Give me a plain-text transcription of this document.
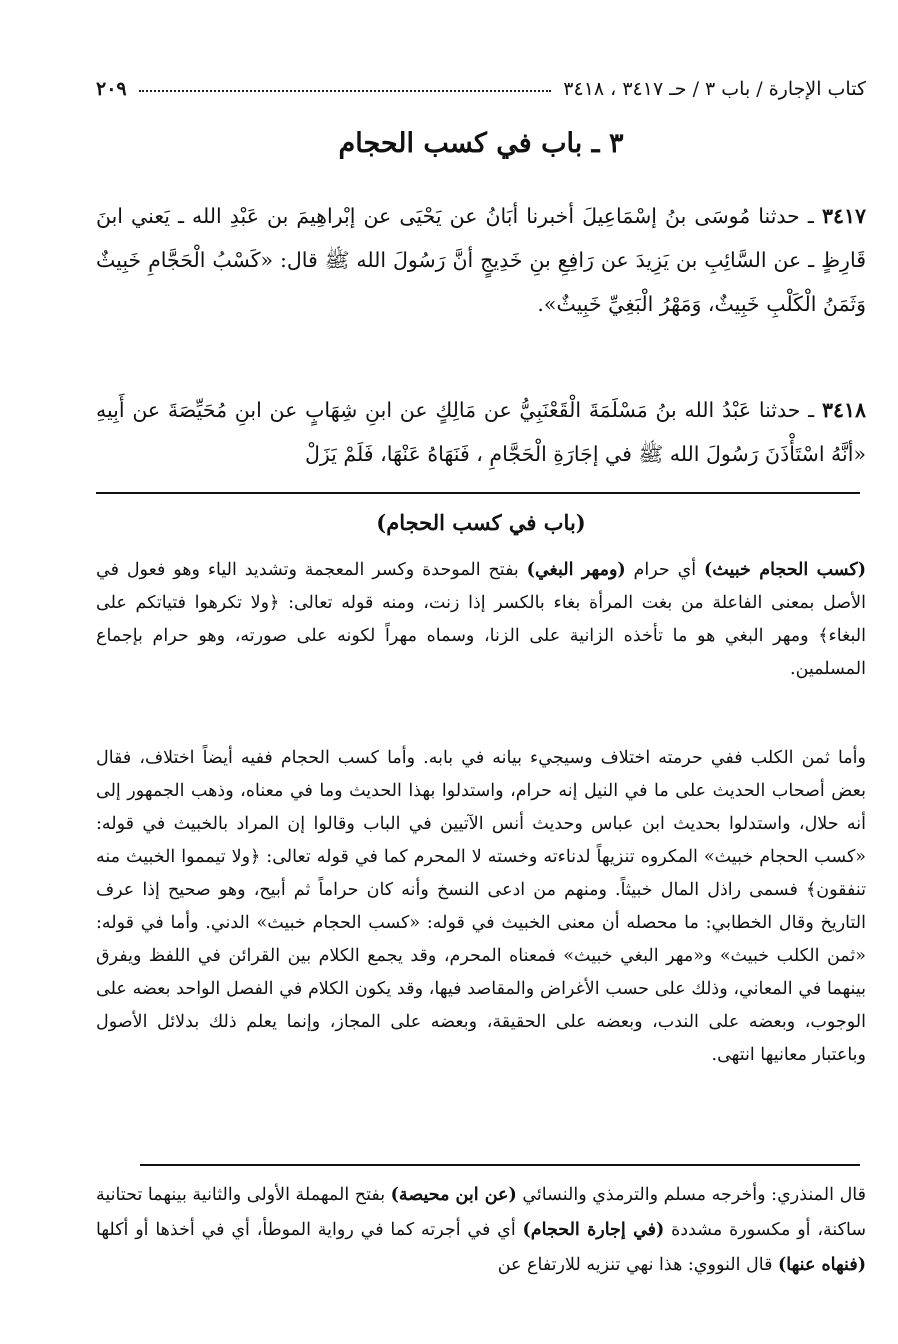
كتاب الإجارة / باب ٣ / حـ ٣٤١٧ ، ٣٤١٨
٢٠٩
٣ ـ باب في كسب الحجام
٣٤١٧ ـ حدثنا مُوسَى بنُ إسْمَاعِيلَ أخبرنا أبَانُ عن يَحْيَى عن إبْراهِيمَ بن عَبْدِ الله ـ يَعني ابنَ قَارِظٍ ـ عن السَّائِبِ بن يَزِيدَ عن رَافِعِ بنِ خَدِيجٍ أنَّ رَسُولَ الله ﷺ قال: «كَسْبُ الْحَجَّامِ خَبِيثٌ وَثَمَنُ الْكَلْبِ خَبِيثٌ، وَمَهْرُ الْبَغِيِّ خَبِيثٌ».
٣٤١٨ ـ حدثنا عَبْدُ الله بنُ مَسْلَمَةَ الْقَعْنَبِيُّ عن مَالِكٍ عن ابنِ شِهَابٍ عن ابنِ مُحَيِّصَةَ عن أَبِيهِ «أنَّهُ اسْتَأْذَنَ رَسُولَ الله ﷺ في إجَارَةِ الْحَجَّامِ ، فَنَهَاهُ عَنْهَا، فَلَمْ يَزَلْ
(باب في كسب الحجام)
(كسب الحجام خبيث) أي حرام (ومهر البغي) بفتح الموحدة وكسر المعجمة وتشديد الياء وهو فعول في الأصل بمعنى الفاعلة من بغت المرأة بغاء بالكسر إذا زنت، ومنه قوله تعالى: ﴿ولا تكرهوا فتياتكم على البغاء﴾ ومهر البغي هو ما تأخذه الزانية على الزنا، وسماه مهراً لكونه على صورته، وهو حرام بإجماع المسلمين.
وأما ثمن الكلب ففي حرمته اختلاف وسيجيء بيانه في بابه. وأما كسب الحجام ففيه أيضاً اختلاف، فقال بعض أصحاب الحديث على ما في النيل إنه حرام، واستدلوا بهذا الحديث وما في معناه، وذهب الجمهور إلى أنه حلال، واستدلوا بحديث ابن عباس وحديث أنس الآتيين في الباب وقالوا إن المراد بالخبيث في قوله: «كسب الحجام خبيث» المكروه تنزيهاً لدناءته وخسته لا المحرم كما في قوله تعالى: ﴿ولا تيمموا الخبيث منه تنفقون﴾ فسمى راذل المال خبيثاً. ومنهم من ادعى النسخ وأنه كان حراماً ثم أبيح، وهو صحيح إذا عرف التاريخ وقال الخطابي: ما محصله أن معنى الخبيث في قوله: «كسب الحجام خبيث» الدني. وأما في قوله: «ثمن الكلب خبيث» و«مهر البغي خبيث» فمعناه المحرم، وقد يجمع الكلام بين القرائن في اللفظ ويفرق بينهما في المعاني، وذلك على حسب الأغراض والمقاصد فيها، وقد يكون الكلام في الفصل الواحد بعضه على الوجوب، وبعضه على الندب، وبعضه على الحقيقة، وبعضه على المجاز، وإنما يعلم ذلك بدلائل الأصول وباعتبار معانيها انتهى.
قال المنذري: وأخرجه مسلم والترمذي والنسائي (عن ابن محيصة) بفتح المهملة الأولى والثانية بينهما تحتانية ساكنة، أو مكسورة مشددة (في إجارة الحجام) أي في أجرته كما في رواية الموطأ، أي في أخذها أو أكلها (فنهاه عنها) قال النووي: هذا نهي تنزيه للارتفاع عن
